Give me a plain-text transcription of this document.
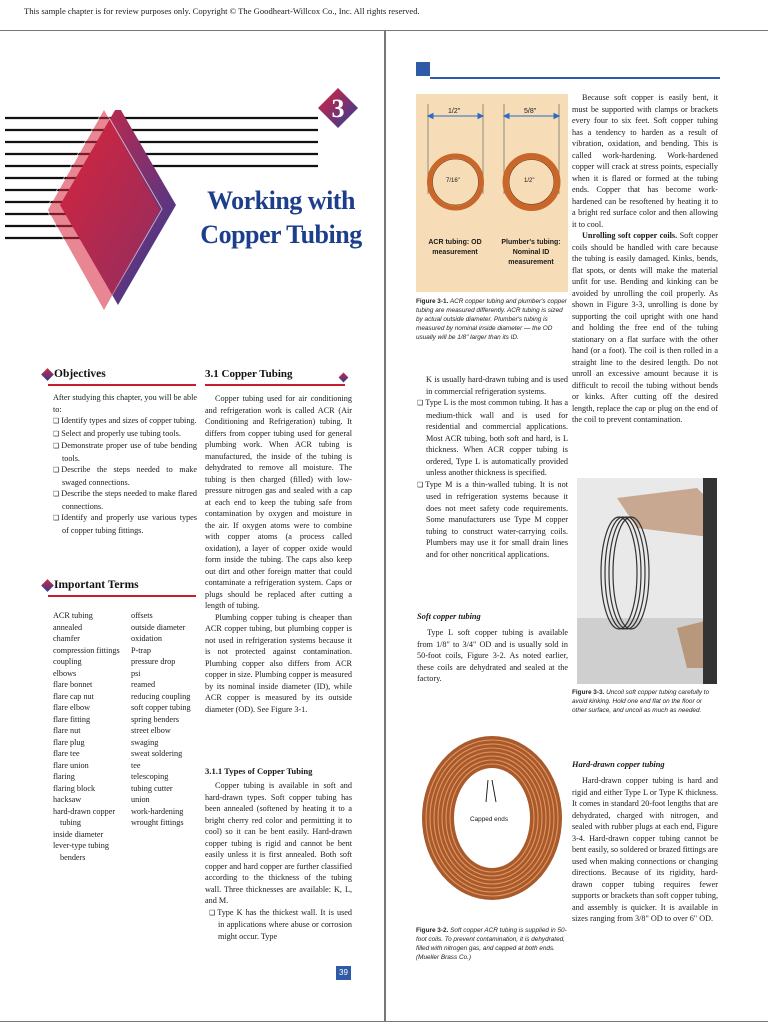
This sample chapter is for review purposes only. Copyright © The Goodheart-Willcox Co., Inc. All rights reserved.
3
Working with
Copper Tubing
Objectives
After studying this chapter, you will be able to:
❑ Identify types and sizes of copper tubing.
❑ Select and properly use tubing tools.
❑ Demonstrate proper use of tube bending tools.
❑ Describe the steps needed to make swaged connections.
❑ Describe the steps needed to make flared connections.
❑ Identify and properly use various types of copper tubing fittings.
Important Terms
ACR tubing
annealed
chamfer
compression fittings
coupling
elbows
flare bonnet
flare cap nut
flare elbow
flare fitting
flare nut
flare plug
flare tee
flare union
flaring
flaring block
hacksaw
hard-drawn copper
tubing
inside diameter
lever-type tubing
benders
offsets
outside diameter
oxidation
P-trap
pressure drop
psi
reamed
reducing coupling
soft copper tubing
spring benders
street elbow
swaging
sweat soldering
tee
telescoping
tubing cutter
union
work-hardening
wrought fittings
3.1 Copper Tubing

Copper tubing used for air conditioning and refrigeration work is called ACR (Air Conditioning and Refrigeration) tubing. It differs from copper tubing used for general plumbing work. When ACR tubing is manufactured, the inside of the tubing is dehydrated to remove all moisture. The tubing is then charged (filled) with low-pressure nitrogen gas and sealed with a cap at each end to keep the tubing safe from contamination by oxygen and moisture in the air. If oxygen atoms were to combine with copper atoms (a process called oxidation), a layer of copper oxide would form inside the tubing. The caps also keep out dirt and other foreign matter that could contaminate a refrigeration system. Caps or plugs should be replaced after cutting a length of tubing.

Plumbing copper tubing is cheaper than ACR copper tubing, but plumbing copper is not used in refrigeration systems because it is not protected against contamination. Plumbing copper also differs from ACR copper in size. Plumbing copper is measured by its nominal inside diameter (ID), while ACR copper is measured by its outside diameter (OD). See Figure 3-1.

3.1.1 Types of Copper Tubing

Copper tubing is available in soft and hard-drawn types. Soft copper tubing has been annealed (softened by heating it to a bright cherry red color and permitting it to cool) so it can be bent easily. Hard-drawn copper tubing is rigid and cannot be bent easily unless it is first annealed. Both soft copper and hard copper are further classified according to the thickness of the tubing wall. Three thicknesses are available: K, L, and M.

❑ Type K has the thickest wall. It is used in applications where abuse or corrosion might occur. Type

39
1/2"	5/8"
7/16"	1/2"
ACR tubing: OD measurement
Plumber's tubing: Nominal ID measurement
Figure 3-1. ACR copper tubing and plumber's copper tubing are measured differently. ACR tubing is sized by actual outside diameter. Plumber's tubing is measured by nominal inside diameter — the OD usually will be 1/8" larger than its ID.

K is usually hard-drawn tubing and is used in commercial refrigeration systems.

❑ Type L is the most common tubing. It has a medium-thick wall and is used for residential and commercial applications. Most ACR tubing, both soft and hard, is L thickness. When ACR copper tubing is ordered, Type L is automatically provided unless another thickness is specified.

❑ Type M is a thin-walled tubing. It is not used in refrigeration systems because it does not meet safety code requirements. Some manufacturers use Type M copper tubing to construct water-carrying coils. Plumbers may use it for small drain lines and for other noncritical applications.

Soft copper tubing
Type L soft copper tubing is available from 1/8" to 3/4" OD and is usually sold in 50-foot coils, Figure 3-2. As noted earlier, these coils are dehydrated and sealed at the factory.
Capped ends
Figure 3-2. Soft copper ACR tubing is supplied in 50-foot coils. To prevent contamination, it is dehydrated, filled with nitrogen gas, and capped at both ends. (Mueller Brass Co.)

Because soft copper is easily bent, it must be supported with clamps or brackets every four to six feet. Soft copper tubing has a tendency to harden as a result of vibration, oxidation, and bending. This is called work-hardening. Work-hardened copper will crack at stress points, especially when it is flared or formed at the tubing ends. Copper that has become work-hardened can be resoftened by heating it to a bright red surface color and then allowing it to cool.

Unrolling soft copper coils. Soft copper coils should be handled with care because the tubing is easily damaged. Kinks, bends, flat spots, or dents will make the material unfit for use. Bending and kinking can be avoided by unrolling the coil properly. As shown in Figure 3-3, unrolling is done by supporting the coil upright with one hand and holding the free end of the tubing stationary on a flat surface with the other hand (or a foot). The coil is then rolled in a straight line to the desired length. Do not unroll an excessive amount because it is difficult to recoil the tubing without bends or kinks. After cutting off the desired length, replace the cap or plug on the end of the coil to prevent contamination.

Figure 3-3. Uncoil soft copper tubing carefully to avoid kinking. Hold one end flat on the floor or other surface, and uncoil as much as needed.
Hard-drawn copper tubing
Hard-drawn copper tubing is hard and rigid and either Type L or Type K thickness. It comes in standard 20-foot lengths that are dehydrated, charged with nitrogen, and sealed with rubber plugs at each end, Figure 3-4. Hard-drawn copper tubing cannot be bent easily, so soldered or brazed fittings are used when making connections or changing directions. Because of its rigidity, hard-drawn copper tubing requires fewer supports or brackets than soft copper tubing, and assembly is quicker. It is available in sizes ranging from 3/8" OD to over 6" OD.
